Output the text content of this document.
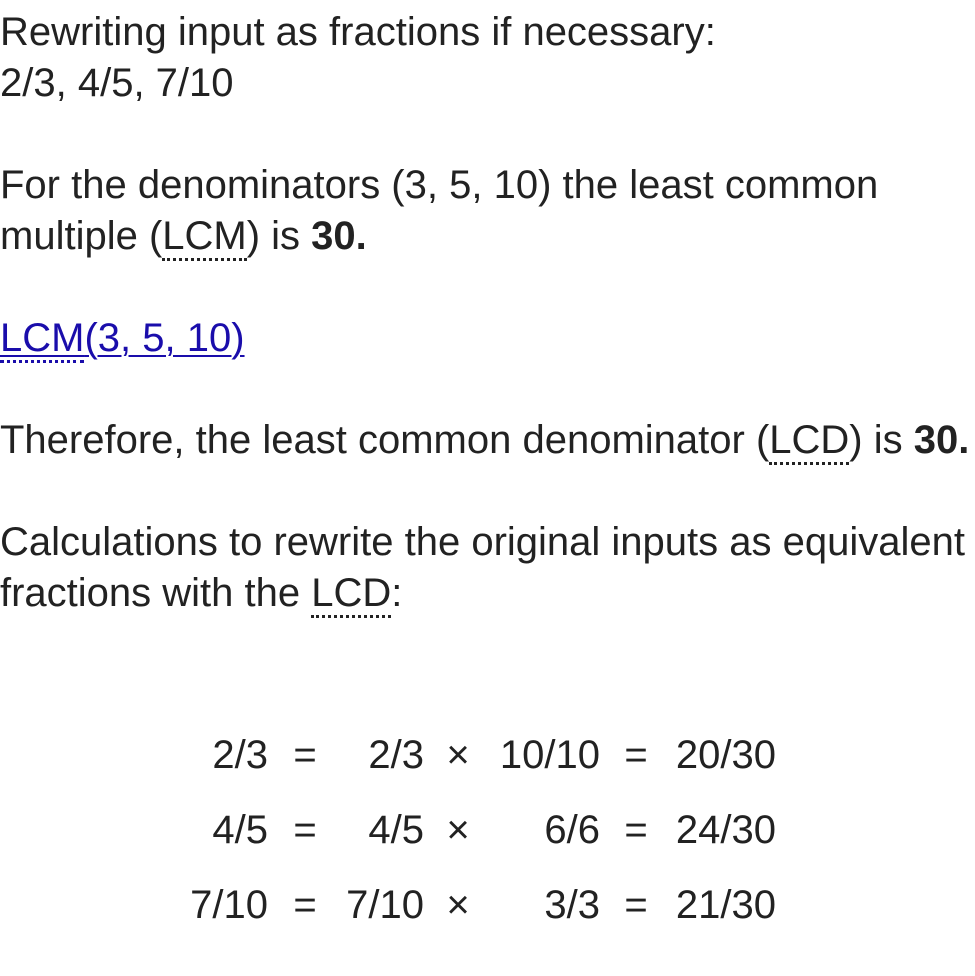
Rewriting input as fractions if necessary:

2/3, 4/5, 7/10

For the denominators (3, 5, 10) the least common multiple (LCM) is 30.

LCM(3, 5, 10)

Therefore, the least common denominator (LCD) is 30.

Calculations to rewrite the original inputs as equivalent fractions with the LCD:

2/3	=	2/3	×	10/10	=	20/30
4/5	=	4/5	×	6/6	=	24/30
7/10	=	7/10	×	3/3	=	21/30
